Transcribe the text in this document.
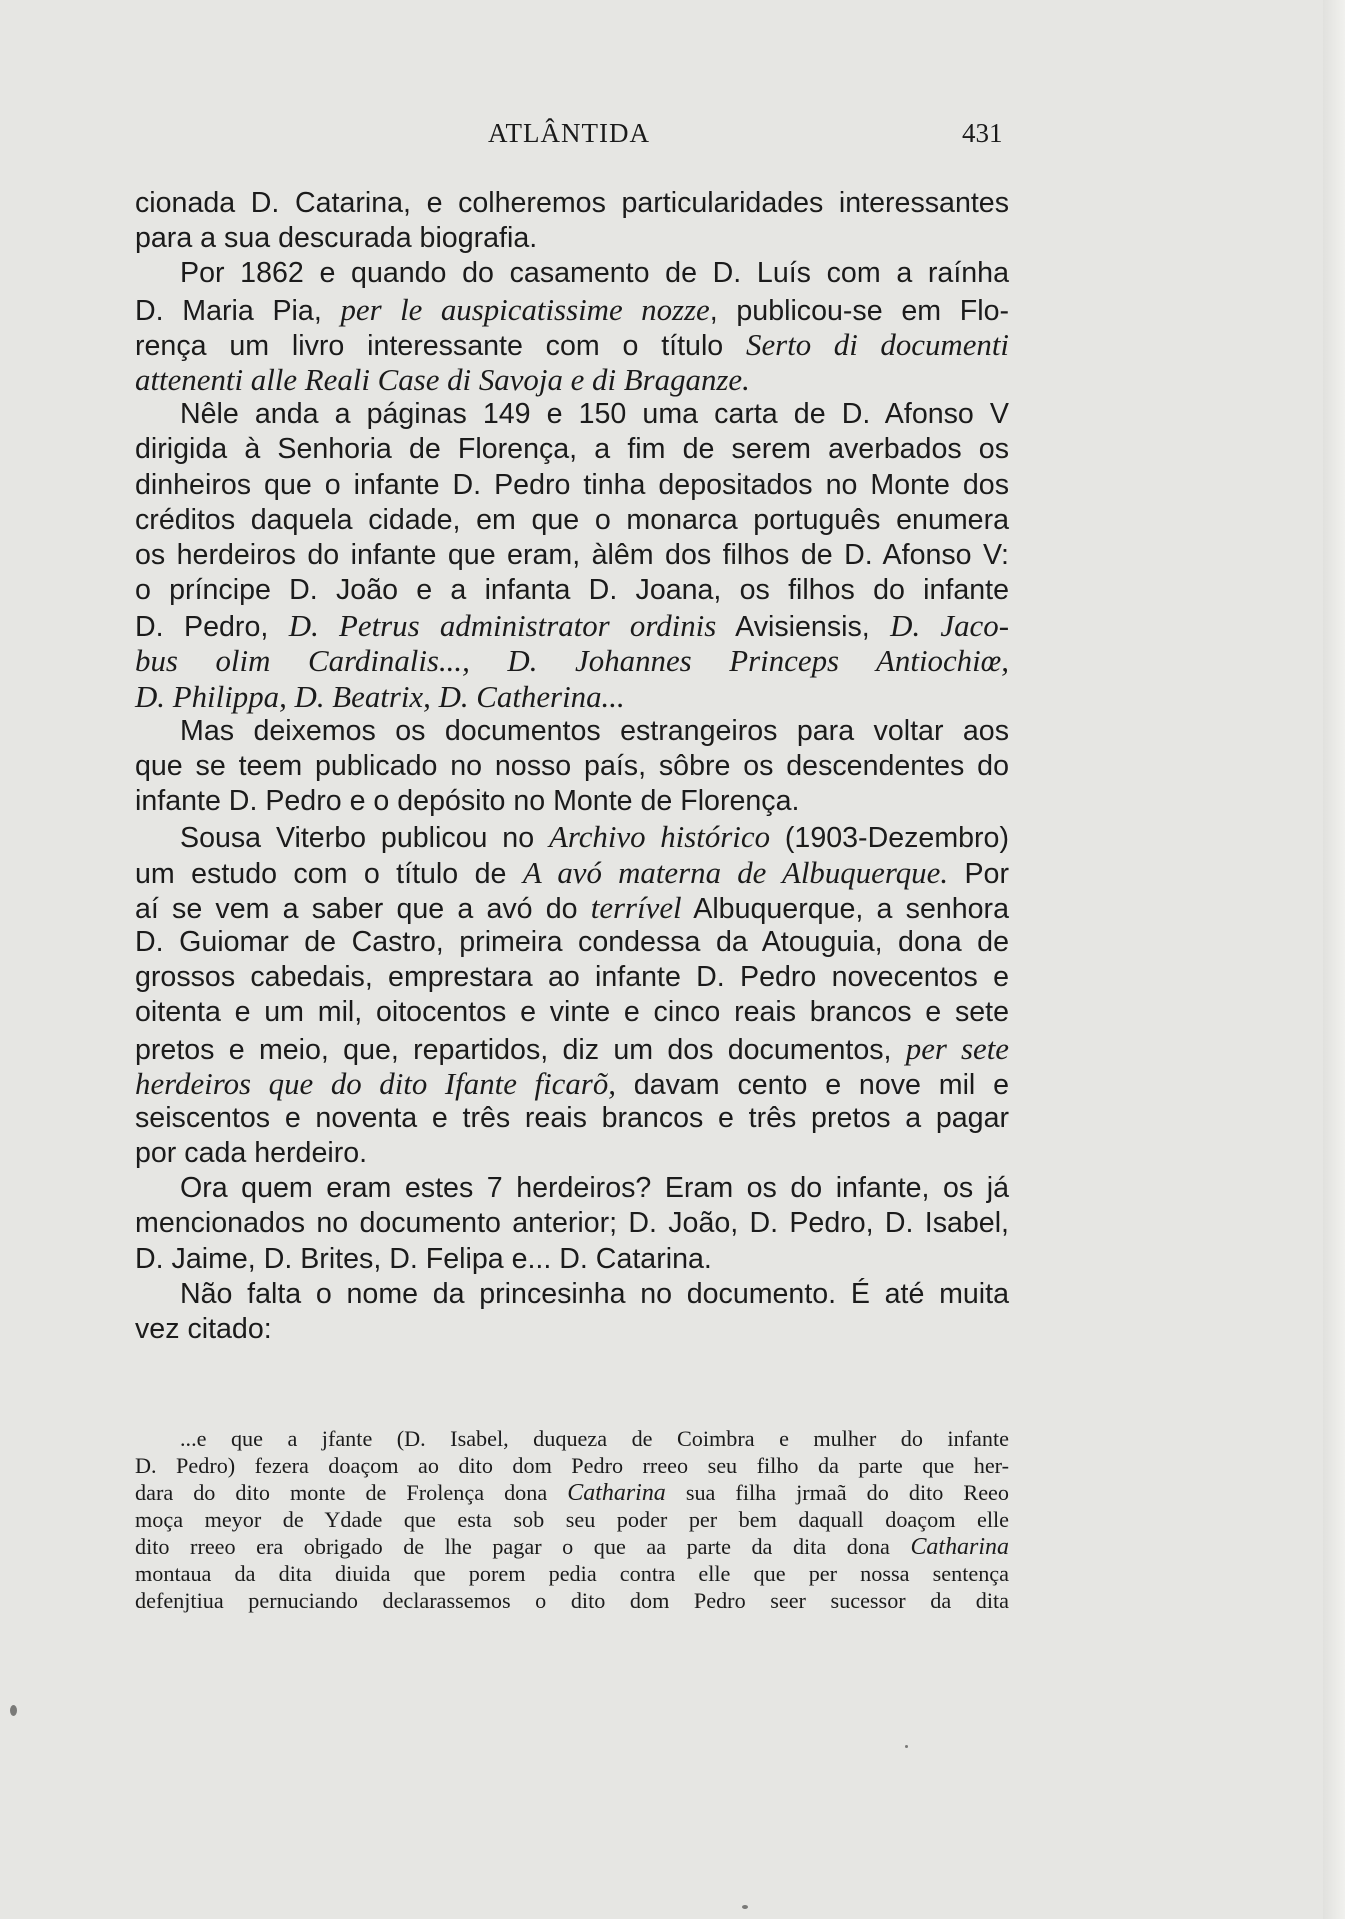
ATLÂNTIDA	431
cionada D. Catarina, e colheremos particularidades interessantes
para a sua descurada biografia.
Por 1862 e quando do casamento de D. Luís com a raínha
D. Maria Pia, per le auspicatissime nozze, publicou-se em Flo-
rença um livro interessante com o título Serto di documenti
attenenti alle Reali Case di Savoja e di Braganze.
Nêle anda a páginas 149 e 150 uma carta de D. Afonso V
dirigida à Senhoria de Florença, a fim de serem averbados os
dinheiros que o infante D. Pedro tinha depositados no Monte dos
créditos daquela cidade, em que o monarca português enumera
os herdeiros do infante que eram, àlêm dos filhos de D. Afonso V:
o príncipe D. João e a infanta D. Joana, os filhos do infante
D. Pedro, D. Petrus administrator ordinis Avisiensis, D. Jaco-
bus olim Cardinalis..., D. Johannes Princeps Antiochiœ,
D. Philippa, D. Beatrix, D. Catherina...
Mas deixemos os documentos estrangeiros para voltar aos
que se teem publicado no nosso país, sôbre os descendentes do
infante D. Pedro e o depósito no Monte de Florença.
Sousa Viterbo publicou no Archivo histórico (1903-Dezembro)
um estudo com o título de A avó materna de Albuquerque. Por
aí se vem a saber que a avó do terrível Albuquerque, a senhora
D. Guiomar de Castro, primeira condessa da Atouguia, dona de
grossos cabedais, emprestara ao infante D. Pedro novecentos e
oitenta e um mil, oitocentos e vinte e cinco reais brancos e sete
pretos e meio, que, repartidos, diz um dos documentos, per sete
herdeiros que do dito Ifante ficarõ, davam cento e nove mil e
seiscentos e noventa e três reais brancos e três pretos a pagar
por cada herdeiro.
Ora quem eram estes 7 herdeiros? Eram os do infante, os já
mencionados no documento anterior; D. João, D. Pedro, D. Isabel,
D. Jaime, D. Brites, D. Felipa e... D. Catarina.
Não falta o nome da princesinha no documento. É até muita
vez citado:
...e que a jfante (D. Isabel, duqueza de Coimbra e mulher do infante
D. Pedro) fezera doaçom ao dito dom Pedro rreeo seu filho da parte que her-
dara do dito monte de Frolença dona Catharina sua filha jrmaã do dito Reeo
moça meyor de Ydade que esta sob seu poder per bem daquall doaçom elle
dito rreeo era obrigado de lhe pagar o que aa parte da dita dona Catharina
montaua da dita diuida que porem pedia contra elle que per nossa sentença
defenjtiua pernuciando declarassemos o dito dom Pedro seer sucessor da dita
